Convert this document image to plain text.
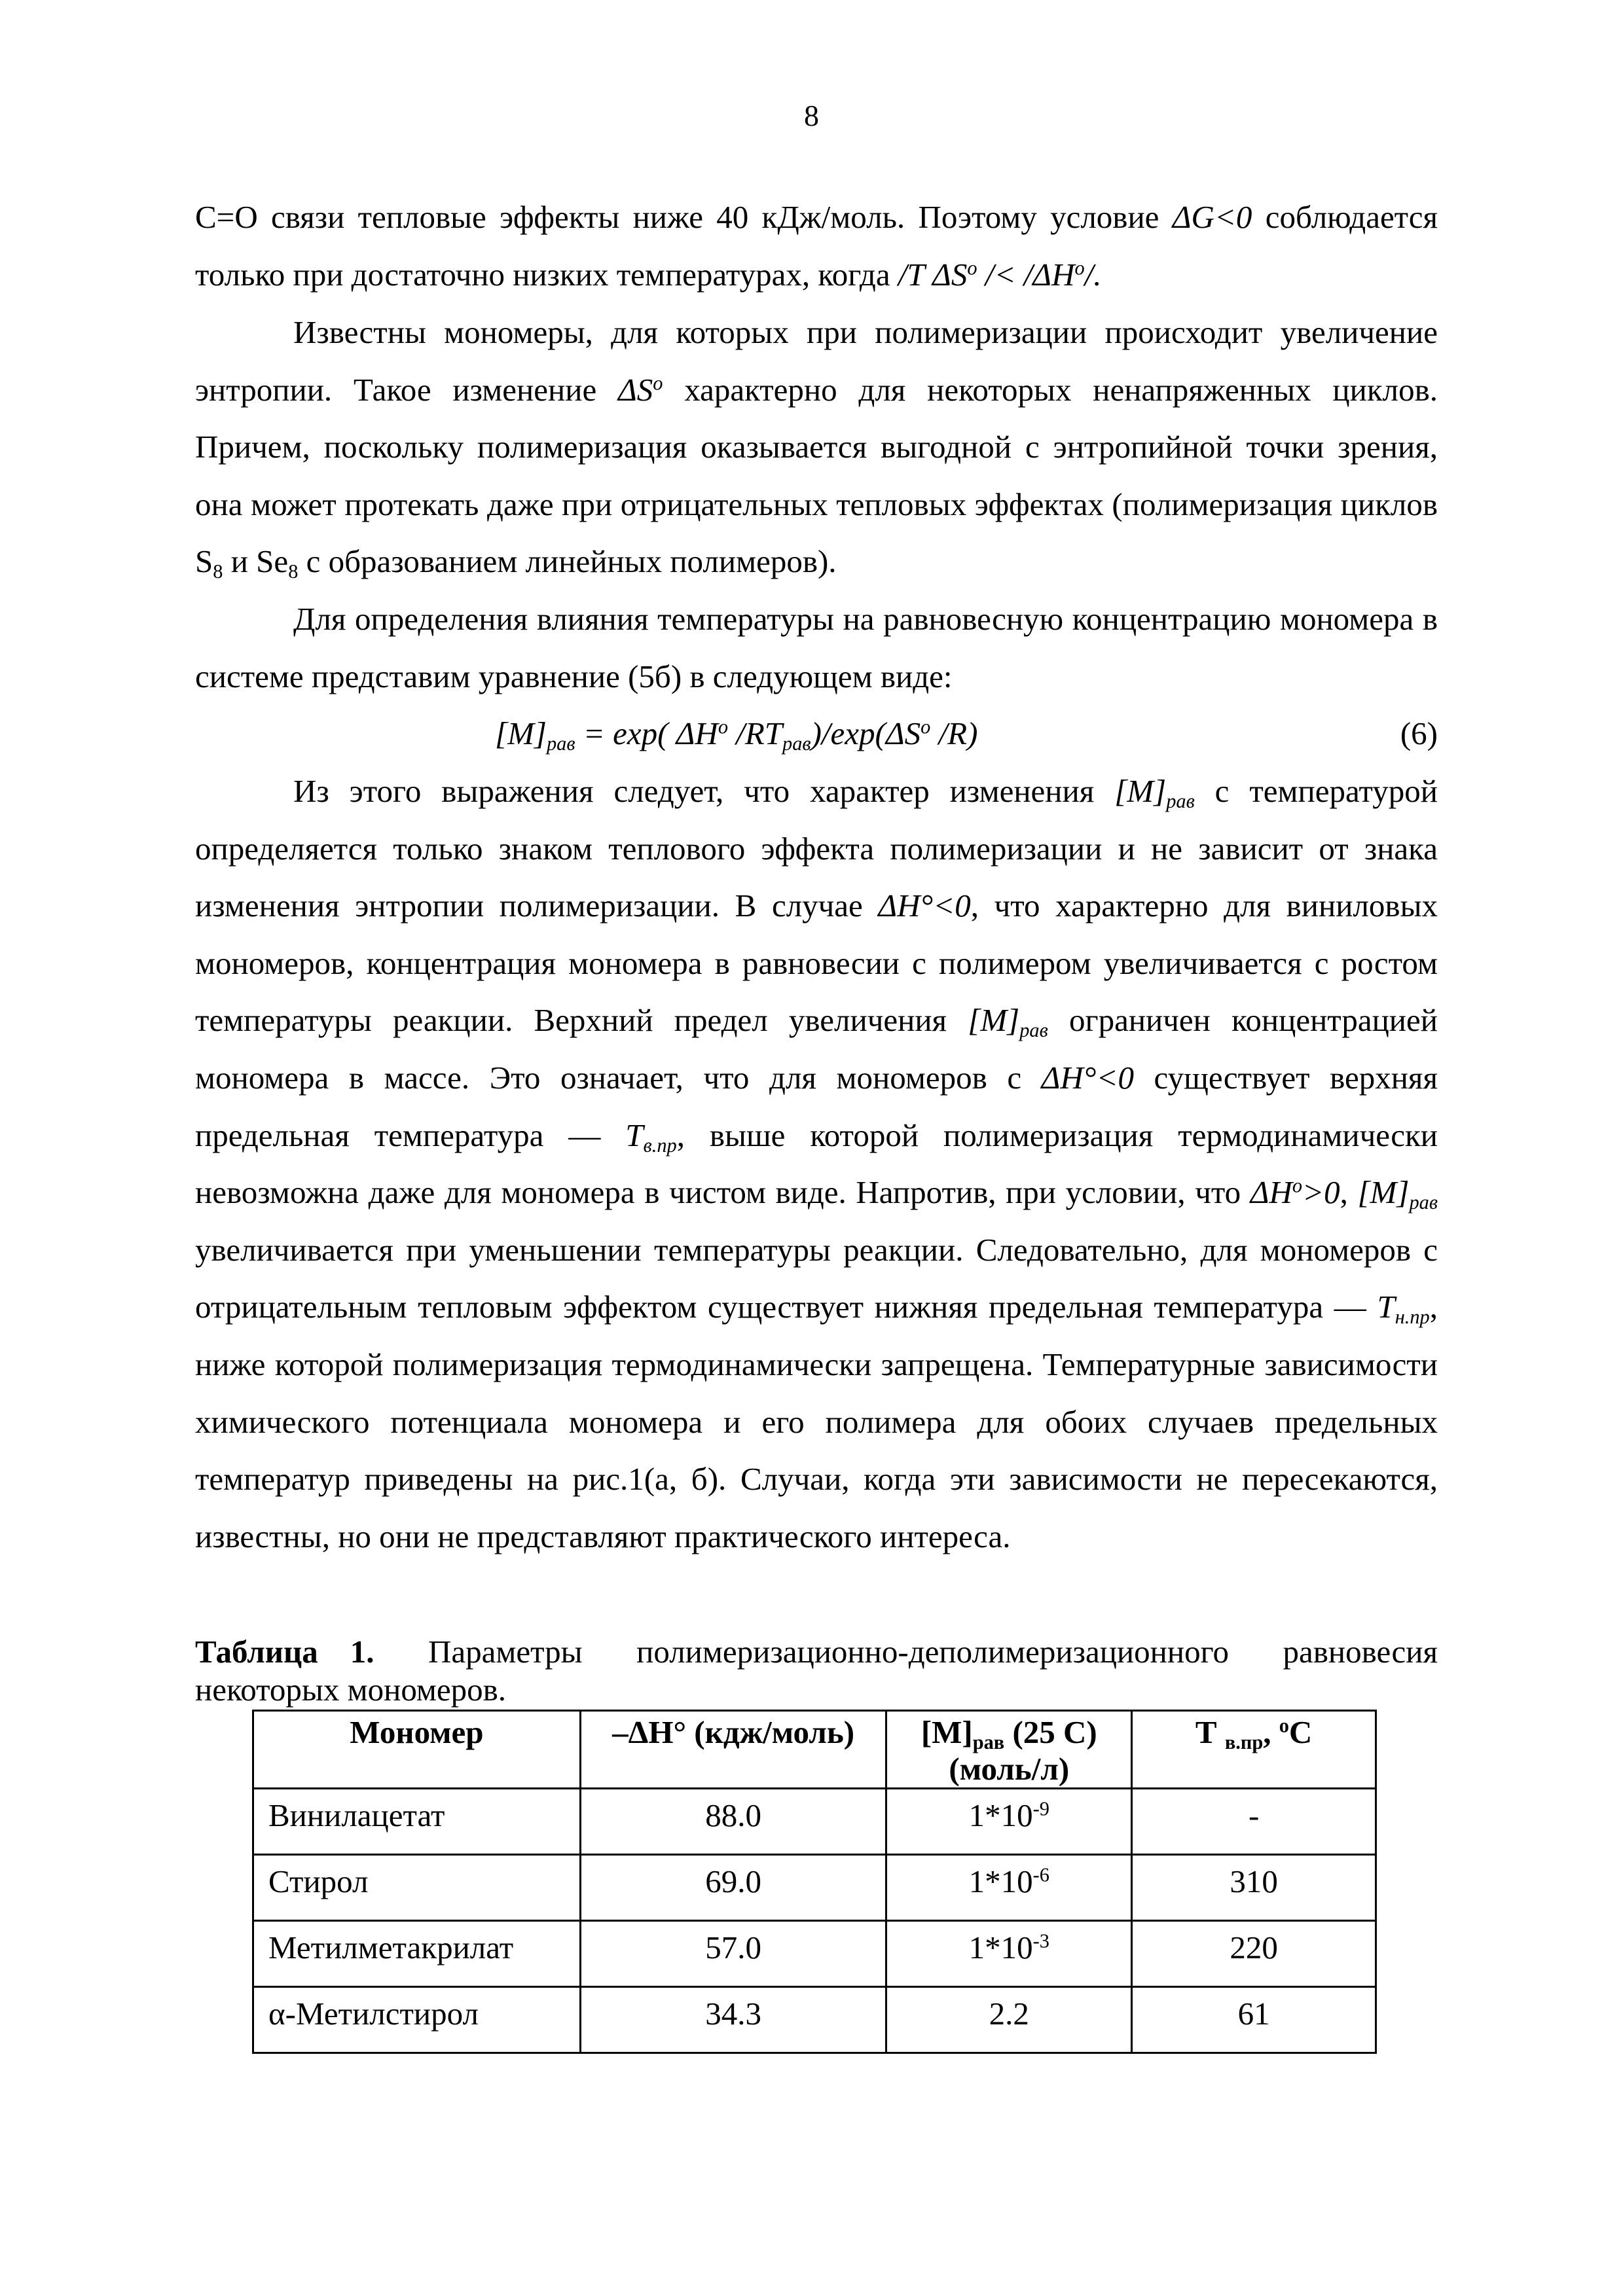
8

C=O связи тепловые эффекты ниже 40 кДж/моль. Поэтому условие ΔG<0 соблюдается только при достаточно низких температурах, когда /T $\Delta S^o /< /\Delta H^o/$.

Известны мономеры, для которых при полимеризации происходит увеличение энтропии. Такое изменение $\Delta S^o$ характерно для некоторых ненапряженных циклов. Причем, поскольку полимеризация оказывается выгодной с энтропийной точки зрения, она может протекать даже при отрицательных тепловых эффектах (полимеризация циклов $S_8$ и $Se_8$ с образованием линейных полимеров).

Для определения влияния температуры на равновесную концентрацию мономера в системе представим уравнение (5б) в следующем виде:

$[M]_{рав} = \exp$( $\Delta H^o$ $/RT_{рав})/\exp(\Delta S^o$ /R)	(6)

Из этого выражения следует, что характер изменения $[M]_{рав}$ с температурой определяется только знаком теплового эффекта полимеризации и не зависит от знака изменения энтропии полимеризации. В случае ΔH°<0, что характерно для виниловых мономеров, концентрация мономера в равновесии с полимером увеличивается с ростом температуры реакции. Верхний предел увеличения $[M]_{рав}$ ограничен концентрацией мономера в массе. Это означает, что для мономеров с ΔH°<0 существует верхняя предельная температура — $T_{в.пр}$, выше которой полимеризация термодинамически невозможна даже для мономера в чистом виде. Напротив, при условии, что $\Delta H^o>0$, $[M]_{рав}$ увеличивается при уменьшении температуры реакции. Следовательно, для мономеров с отрицательным тепловым эффектом существует нижняя предельная температура — $T_{н.пр}$, ниже которой полимеризация термодинамически запрещена. Температурные зависимости химического потенциала мономера и его полимера для обоих случаев предельных температур приведены на рис.1(а, б). Случаи, когда эти зависимости не пересекаются, известны, но они не представляют практического интереса.

Таблица 1. Параметры полимеризационно-деполимеризационного равновесия
некоторых мономеров.
Мономер	–ΔH° (кдж/моль)	$[M]_{рав}$ (25 С)
(моль/л)	Т $_{в.пр}$, $^о$С
Винилацетат	88.0	$1*10^{-9}$	-
Стирол	69.0	$1*10^{-6}$	310
Метилметакрилат	57.0	$1*10^{-3}$	220
α-Метилстирол	34.3	2.2	61
